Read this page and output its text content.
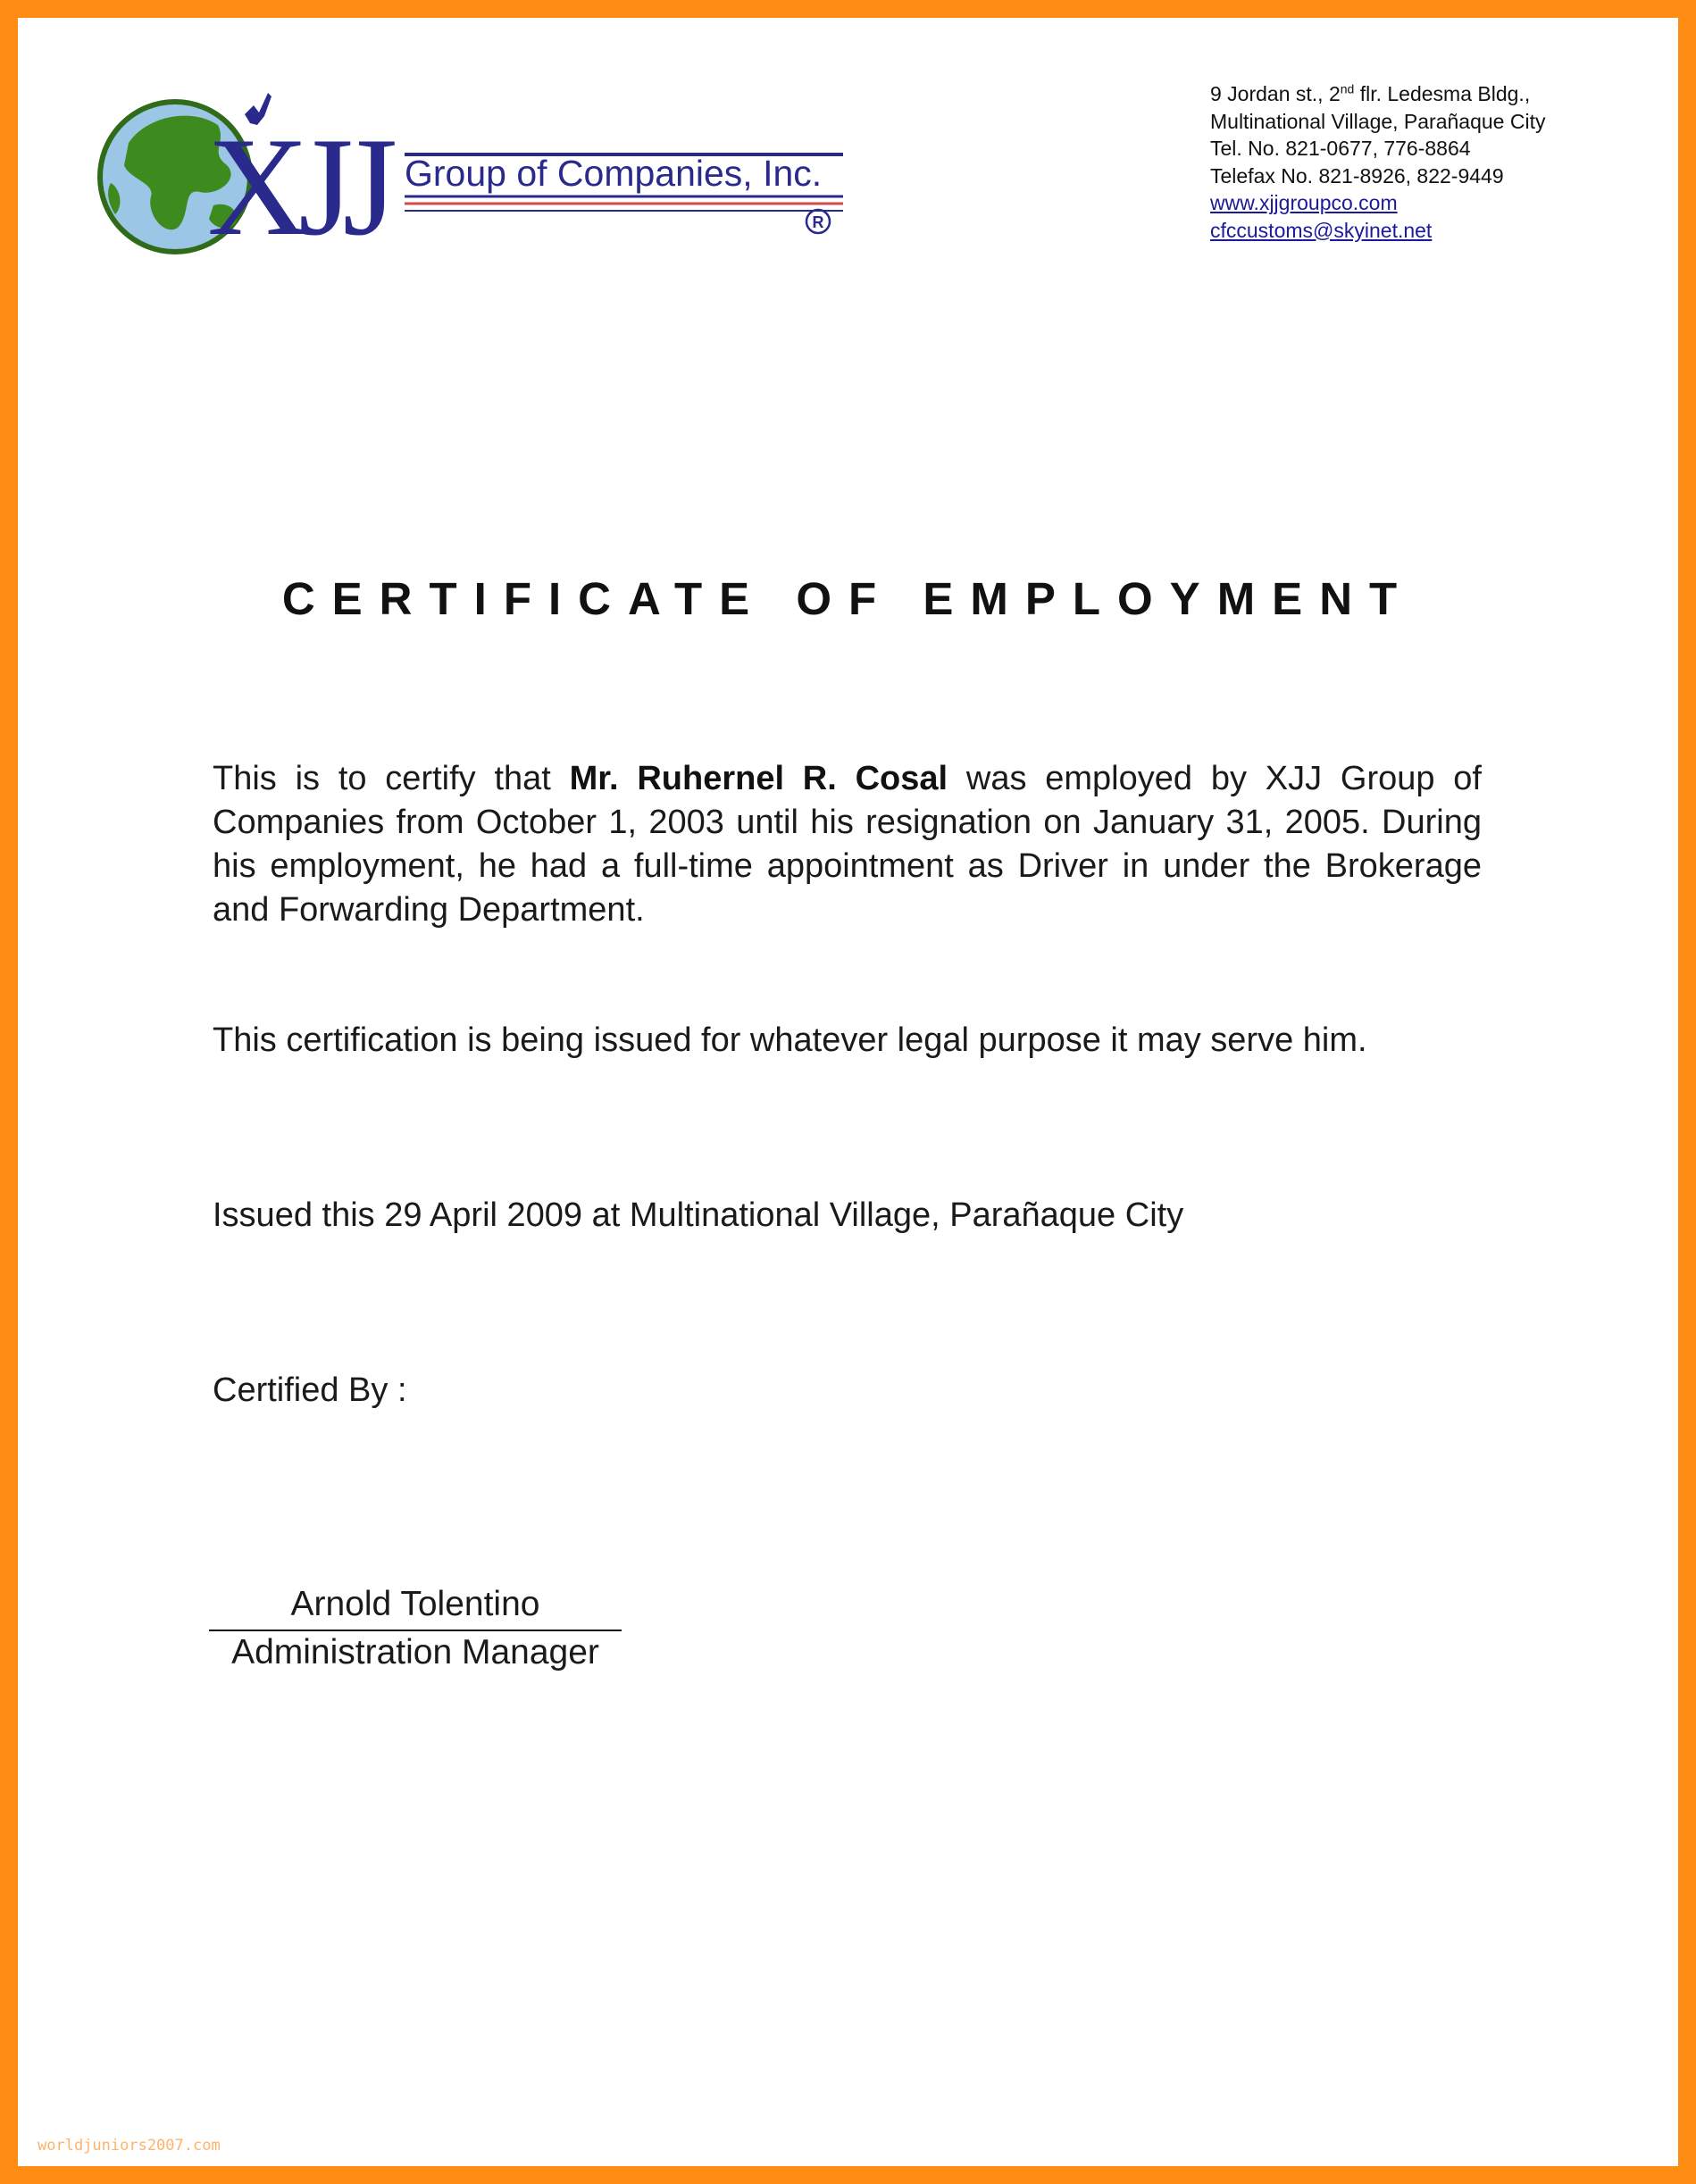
XJJ Group of Companies, Inc.
R
9 Jordan st., 2nd flr. Ledesma Bldg.,
Multinational Village, Parañaque City
Tel. No. 821-0677, 776-8864
Telefax No. 821-8926, 822-9449
www.xjjgroupco.com
cfccustoms@skyinet.net
CERTIFICATE OF EMPLOYMENT
This is to certify that Mr. Ruhernel R. Cosal was employed by XJJ Group of Companies from October 1, 2003 until his resignation on January 31, 2005. During his employment, he had a full-time appointment as Driver in under the Brokerage and Forwarding Department.
This certification is being issued for whatever legal purpose it may serve him.
Issued this 29 April 2009 at Multinational Village, Parañaque City
Certified By :
Arnold Tolentino
Administration Manager
worldjuniors2007.com
